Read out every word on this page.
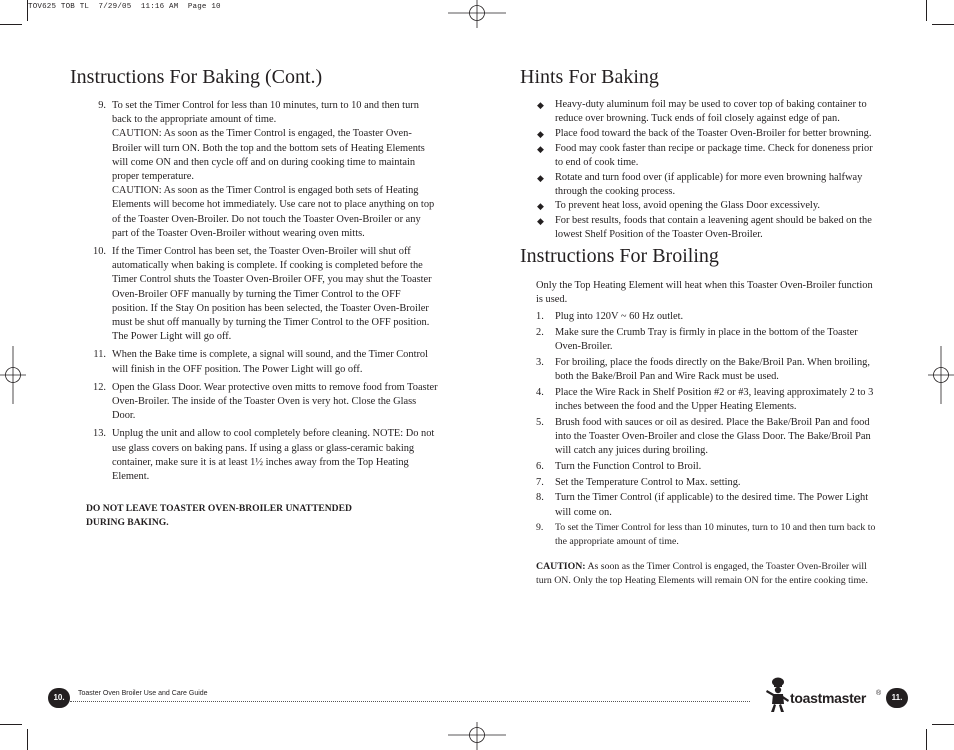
TOV625 TOB TL  7/29/05  11:16 AM  Page 10
Instructions For Baking (Cont.)
9. To set the Timer Control for less than 10 minutes, turn to 10 and then turn back to the appropriate amount of time.

CAUTION: As soon as the Timer Control is engaged, the Toaster Oven-Broiler will turn ON. Both the top and the bottom sets of Heating Elements will come ON and then cycle off and on during cooking time to maintain proper temperature.

CAUTION: As soon as the Timer Control is engaged both sets of Heating Elements will become hot immediately. Use care not to place anything on top of the Toaster Oven-Broiler. Do not touch the Toaster Oven-Broiler or any part of the Toaster Oven-Broiler without wearing oven mitts.

10. If the Timer Control has been set, the Toaster Oven-Broiler will shut off automatically when baking is complete. If cooking is completed before the Timer Control shuts the Toaster Oven-Broiler OFF, you may shut the Toaster Oven-Broiler OFF manually by turning the Timer Control to the OFF position. If the Stay On position has been selected, the Toaster Oven-Broiler must be shut off manually by turning the Timer Control to the OFF position. The Power Light will go off.

11. When the Bake time is complete, a signal will sound, and the Timer Control will finish in the OFF position. The Power Light will go off.

12. Open the Glass Door. Wear protective oven mitts to remove food from Toaster Oven-Broiler. The inside of the Toaster Oven is very hot. Close the Glass Door.

13. Unplug the unit and allow to cool completely before cleaning. NOTE: Do not use glass covers on baking pans. If using a glass or glass-ceramic baking container, make sure it is at least 1½ inches away from the Top Heating Element.

DO NOT LEAVE TOASTER OVEN-BROILER UNATTENDED
DURING BAKING.
Hints For Baking
◆	Heavy-duty aluminum foil may be used to cover top of baking container to reduce over browning. Tuck ends of foil closely against edge of pan.
◆	Place food toward the back of the Toaster Oven-Broiler for better browning.
◆	Food may cook faster than recipe or package time. Check for doneness prior to end of cook time.
◆	Rotate and turn food over (if applicable) for more even browning halfway through the cooking process.
◆	To prevent heat loss, avoid opening the Glass Door excessively.
◆	For best results, foods that contain a leavening agent should be baked on the lowest Shelf Position of the Toaster Oven-Broiler.
Instructions For Broiling
Only the Top Heating Element will heat when this Toaster Oven-Broiler function is used.
1.	Plug into 120V ~ 60 Hz outlet.
2.	Make sure the Crumb Tray is firmly in place in the bottom of the Toaster Oven-Broiler.
3.	For broiling, place the foods directly on the Bake/Broil Pan. When broiling, both the Bake/Broil Pan and Wire Rack must be used.
4.	Place the Wire Rack in Shelf Position #2 or #3, leaving approximately 2 to 3 inches between the food and the Upper Heating Elements.
5.	Brush food with sauces or oil as desired. Place the Bake/Broil Pan and food into the Toaster Oven-Broiler and close the Glass Door. The Bake/Broil Pan will catch any juices during broiling.
6.	Turn the Function Control to Broil.
7.	Set the Temperature Control to Max. setting.
8.	Turn the Timer Control (if applicable) to the desired time. The Power Light will come on.
9.	To set the Timer Control for less than 10 minutes, turn to 10 and then turn back to the appropriate amount of time.
CAUTION: As soon as the Timer Control is engaged, the Toaster Oven-Broiler will turn ON. Only the top Heating Elements will remain ON for the entire cooking time.
10.	Toaster Oven Broiler Use and Care Guide	11.
toastmaster ®
